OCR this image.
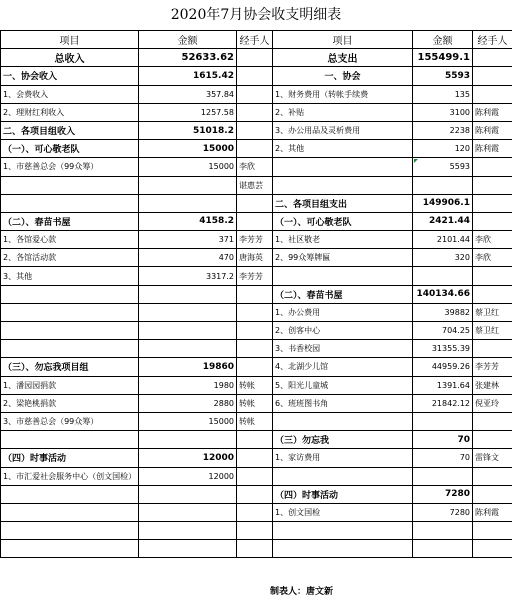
2020年7月协会收支明细表
项目	金额	经手人	项目	金额	经手人
总收入	52633.62		总支出	155499.1	
一、协会收入	1615.42		一、协会	5593	
1、会费收入	357.84		1、财务费用（转帐手续费	135	
2、理财红利收入	1257.58		2、补贴	3100	陈利霞
二、各项目组收入	51018.2		3、办公用品及灵析费用	2238	陈利霞
（一）、可心敬老队	15000		2、其他	120	陈利霞
1、市慈善总会（99众筹）	15000	李欣		5593

		谌惠芸			
			二、各项目组支出	149906.1	
（二）、春苗书屋	4158.2		（一）、可心敬老队	2421.44	
1、各馆爱心款	371	李芳芳	1、社区敬老	2101.44	李欣
2、各馆活动款	470	唐海英	2、99众筹牌匾	320	李欣
3、其他	3317.2	李芳芳			
			（二）、春苗书屋	140134.66	
			1、办公费用	39882	蔡卫红
			2、创客中心	704.25	蔡卫红
			3、书香校园	31355.39	
（三）、勿忘我项目组	19860		4、北湖少儿馆	44959.26	李芳芳
1、潘园园捐款	1980	转帐	5、阳光儿童城	1391.64	张建林
2、梁艳桃捐款	2880	转帐	6、班班图书角	21842.12	倪亚玲
3、市慈善总会（99众筹）	15000	转帐			
			（三）勿忘我	70	
（四）时事活动	12000		1、家访费用	70	雷锋文
1、市汇爱社会服务中心（创文国检）	12000				
			（四）时事活动	7280	
			1、创文国检	7280	陈利霞

制表人：唐文新
